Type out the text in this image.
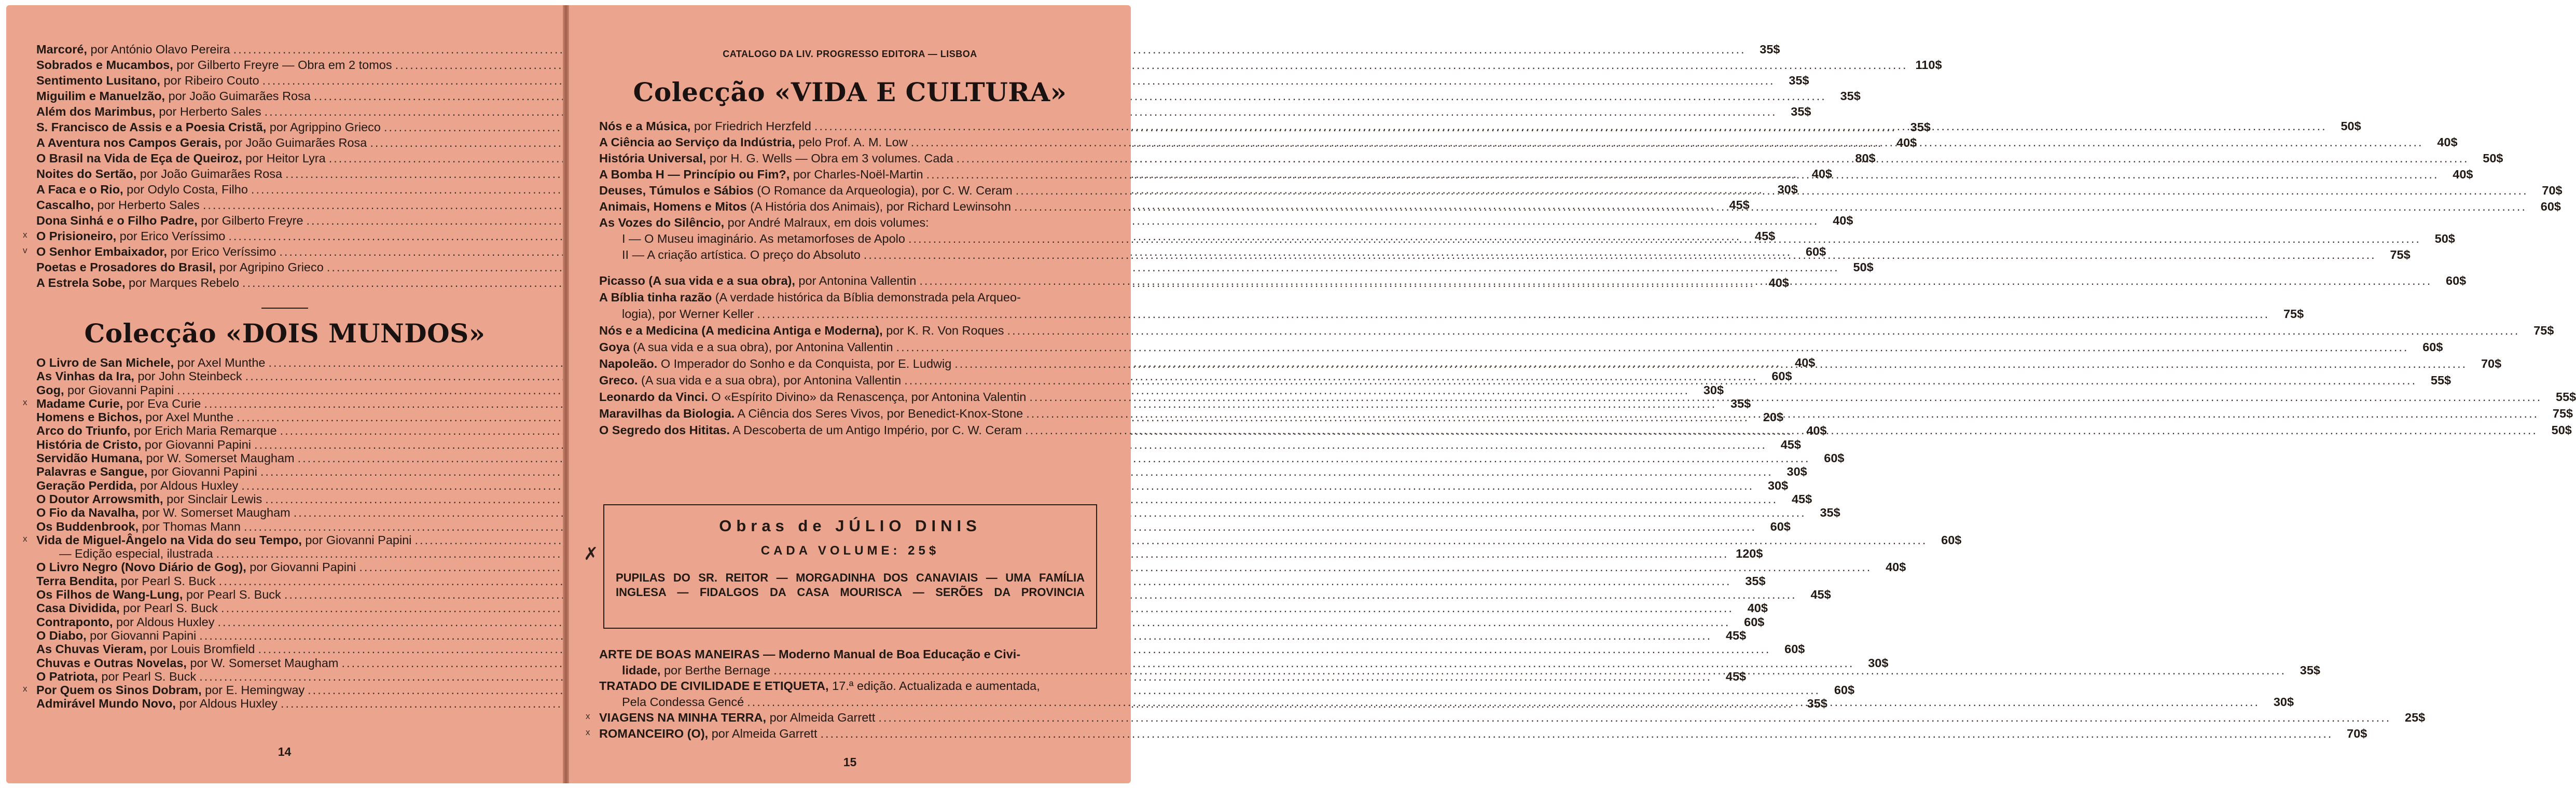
Marcoré, por António Olavo Pereira .....	35$
Sobrados e Mucambos, por Gilberto Freyre — Obra em 2 tomos .....	110$
Sentimento Lusitano, por Ribeiro Couto .....	35$
Miguilim e Manuelzão, por João Guimarães Rosa .....	35$
Além dos Marimbus, por Herberto Sales .....	35$
S. Francisco de Assis e a Poesia Cristã, por Agrippino Grieco .....	35$
A Aventura nos Campos Gerais, por João Guimarães Rosa .....	40$
O Brasil na Vida de Eça de Queiroz, por Heitor Lyra .....	80$
Noites do Sertão, por João Guimarães Rosa .....	40$
A Faca e o Rio, por Odylo Costa, Filho .....	30$
Cascalho, por Herberto Sales .....	45$
Dona Sinhá e o Filho Padre, por Gilberto Freyre .....	40$
x O Prisioneiro, por Erico Veríssimo .....	45$
v O Senhor Embaixador, por Erico Veríssimo .....	60$
Poetas e Prosadores do Brasil, por Agripino Grieco .....	50$
A Estrela Sobe, por Marques Rebelo .....	40$
Colecção «DOIS MUNDOS»
O Livro de San Michele, por Axel Munthe .....	40$
As Vinhas da Ira, por John Steinbeck .....	60$
Gog, por Giovanni Papini .....	30$
x Madame Curie, por Eva Curie .....	35$
Homens e Bichos, por Axel Munthe .....	20$
Arco do Triunfo, por Erich Maria Remarque .....	40$
História de Cristo, por Giovanni Papini .....	45$
Servidão Humana, por W. Somerset Maugham .....	60$
Palavras e Sangue, por Giovanni Papini .....	30$
Geração Perdida, por Aldous Huxley .....	30$
O Doutor Arrowsmith, por Sinclair Lewis .....	45$
O Fio da Navalha, por W. Somerset Maugham .....	35$
Os Buddenbrook, por Thomas Mann .....	60$
x Vida de Miguel-Ângelo na Vida do seu Tempo, por Giovanni Papini .....	60$
— Edição especial, ilustrada .....	120$
O Livro Negro (Novo Diário de Gog), por Giovanni Papini .....	40$
Terra Bendita, por Pearl S. Buck .....	35$
Os Filhos de Wang-Lung, por Pearl S. Buck .....	45$
Casa Dividida, por Pearl S. Buck .....	40$
Contraponto, por Aldous Huxley .....	60$
O Diabo, por Giovanni Papini .....	45$
As Chuvas Vieram, por Louis Bromfield .....	60$
Chuvas e Outras Novelas, por W. Somerset Maugham .....	30$
O Patriota, por Pearl S. Buck .....	45$
x Por Quem os Sinos Dobram, por E. Hemingway .....	60$
Admirável Mundo Novo, por Aldous Huxley .....	35$
14
CATALOGO DA LIV. PROGRESSO EDITORA — LISBOA
Colecção «VIDA E CULTURA»
Nós e a Música, por Friedrich Herzfeld .....	50$
A Ciência ao Serviço da Indústria, pelo Prof. A. M. Low .....	40$
História Universal, por H. G. Wells — Obra em 3 volumes. Cada .....	50$
A Bomba H — Princípio ou Fim?, por Charles-Noël-Martin .....	40$
Deuses, Túmulos e Sábios (O Romance da Arqueologia), por C. W. Ceram .....	70$
Animais, Homens e Mitos (A História dos Animais), por Richard Lewinsohn .....	60$
As Vozes do Silêncio, por André Malraux, em dois volumes:
I — O Museu imaginário. As metamorfoses de Apolo .....	50$
II — A criação artística. O preço do Absoluto .....	75$
Picasso (A sua vida e a sua obra), por Antonina Vallentin .....	60$
A Bíblia tinha razão (A verdade histórica da Bíblia demonstrada pela Arqueo-
logia), por Werner Keller .....	75$
Nós e a Medicina (A medicina Antiga e Moderna), por K. R. Von Roques .....	75$
Goya (A sua vida e a sua obra), por Antonina Vallentin .....	60$
Napoleão. O Imperador do Sonho e da Conquista, por E. Ludwig .....	70$
Greco. (A sua vida e a sua obra), por Antonina Vallentin .....	55$
Leonardo da Vinci. O «Espírito Divino» da Renascença, por Antonina Valentin .....	55$
Maravilhas da Biologia. A Ciência dos Seres Vivos, por Benedict-Knox-Stone .....	75$
O Segredo dos Hititas. A Descoberta de um Antigo Império, por C. W. Ceram .....	50$
✗
Obras de JÚLIO DINIS
CADA VOLUME: 25$
PUPILAS DO SR. REITOR — MORGADINHA DOS CANAVIAIS — UMA FAMÍLIA
INGLESA — FIDALGOS DA CASA MOURISCA — SERÕES DA PROVINCIA
ARTE DE BOAS MANEIRAS — Moderno Manual de Boa Educação e Civi-
lidade, por Berthe Bernage .....	35$
TRATADO DE CIVILIDADE E ETIQUETA, 17.ª edição. Actualizada e aumentada,
Pela Condessa Gencé .....	30$
x VIAGENS NA MINHA TERRA, por Almeida Garrett .....	25$
x ROMANCEIRO (O), por Almeida Garrett .....	70$
15
